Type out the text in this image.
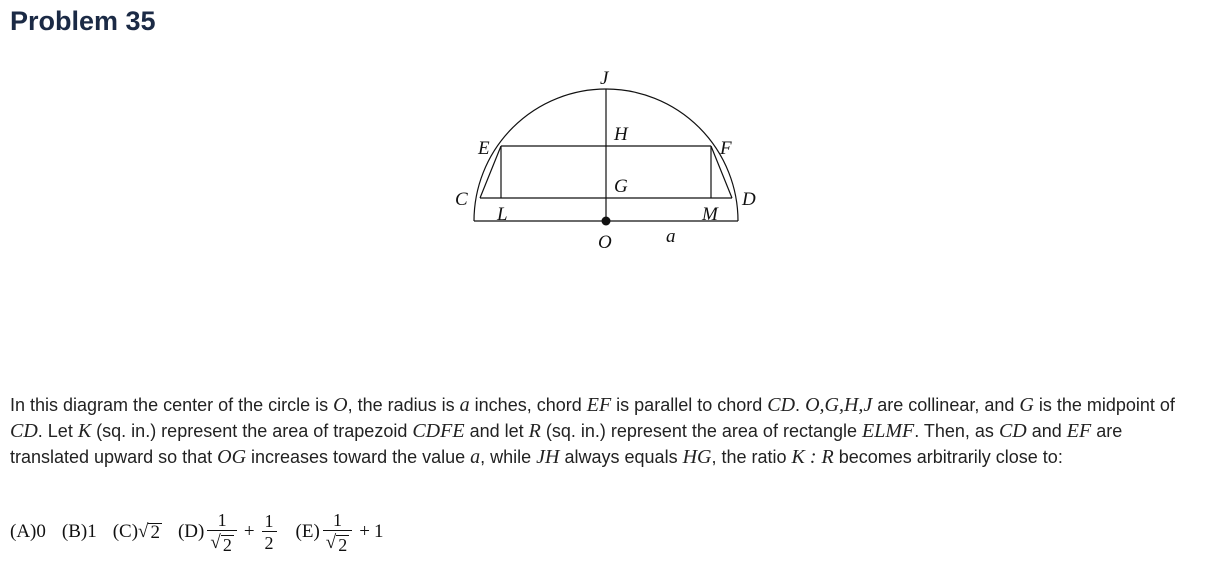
Problem 35
J
H
E	F
G
C	D
L	M
O	a
In this diagram the center of the circle is O, the radius is a inches, chord EF is parallel to chord CD. O,G,H,J are collinear, and G is the midpoint of CD. Let K (sq. in.) represent the area of trapezoid CDFE and let R (sq. in.) represent the area of rectangle ELMF. Then, as CD and EF are translated upward so that OG increases toward the value a, while JH always equals HG, the ratio K : R becomes arbitrarily close to:
(A) 0 (B) 1 (C) √ 2 $(D) \frac{1}{√ 2} + \frac{1}{2} (E) \frac{1}{√ 2} + 1$
